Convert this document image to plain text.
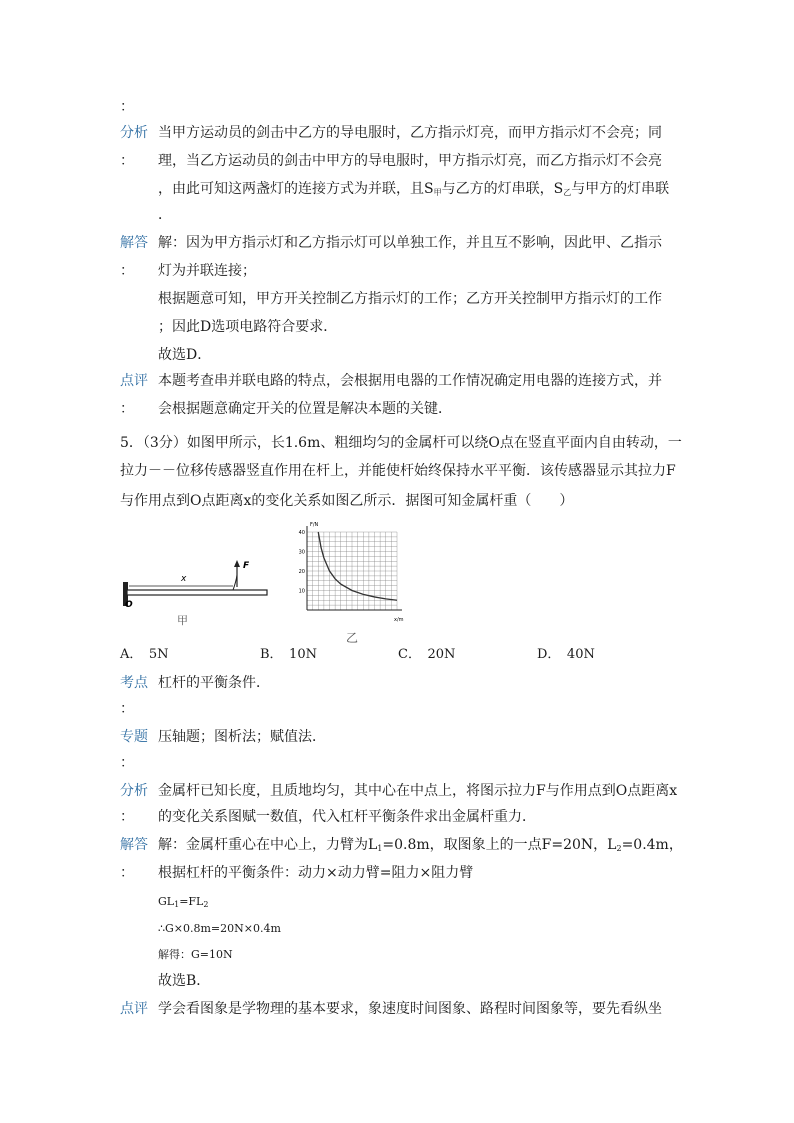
：
分析 当甲方运动员的剑击中乙方的导电服时，乙方指示灯亮，而甲方指示灯不会亮；同
： 理，当乙方运动员的剑击中甲方的导电服时，甲方指示灯亮，而乙方指示灯不会亮
，由此可知这两盏灯的连接方式为并联，且$S_甲$与乙方的灯串联，$S_乙$与甲方的灯串联
．
解答 解：因为甲方指示灯和乙方指示灯可以单独工作，并且互不影响，因此甲、乙指示
： 灯为并联连接；
根据题意可知，甲方开关控制乙方指示灯的工作；乙方开关控制甲方指示灯的工作
；因此D选项电路符合要求．
故选D．
点评 本题考查串并联电路的特点，会根据用电器的工作情况确定用电器的连接方式，并
： 会根据题意确定开关的位置是解决本题的关键．
5．（3分）如图甲所示，长1.6m、粗细均匀的金属杆可以绕O点在竖直平面内自由转动，一
拉力－－位移传感器竖直作用在杆上，并能使杆始终保持水平平衡．该传感器显示其拉力F
与作用点到O点距离x的变化关系如图乙所示．据图可知金属杆重（　　）
x
F
O
甲
10
20
30
40
F/N
x/m
乙
A．　5N	B．　10N	C．　20N	D．　40N
考点 杠杆的平衡条件．
：
专题 压轴题；图析法；赋值法．
：
分析 金属杆已知长度，且质地均匀，其中心在中点上，将图示拉力F与作用点到O点距离x
： 的变化关系图赋一数值，代入杠杆平衡条件求出金属杆重力．
解答 解：金属杆重心在中心上，力臂为$L_1=0.8m$，取图象上的一点F=20N，$L_2=0.4m$，
： 根据杠杆的平衡条件：动力×动力臂=阻力×阻力臂
$GL_1=FL_2$
∴G×0.8m=20N×0.4m
解得：G=10N
故选B．
点评 学会看图象是学物理的基本要求，象速度时间图象、路程时间图象等，要先看纵坐
